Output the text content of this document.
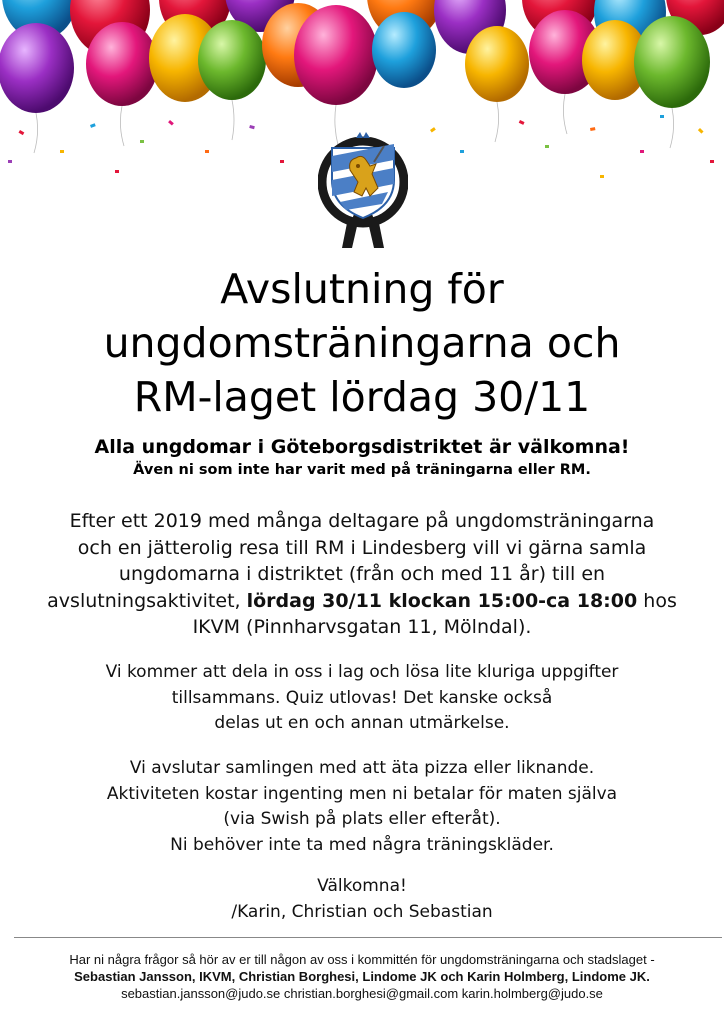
Avslutning för
ungdomsträningarna och
RM-laget lördag 30/11
Alla ungdomar i Göteborgsdistriktet är välkomna!
Även ni som inte har varit med på träningarna eller RM.
Efter ett 2019 med många deltagare på ungdomsträningarna
och en jätterolig resa till RM i Lindesberg vill vi gärna samla
ungdomarna i distriktet (från och med 11 år) till en
avslutningsaktivitet, lördag 30/11 klockan 15:00-ca 18:00 hos
IKVM (Pinnharvsgatan 11, Mölndal).
Vi kommer att dela in oss i lag och lösa lite kluriga uppgifter
tillsammans. Quiz utlovas! Det kanske också
delas ut en och annan utmärkelse.
Vi avslutar samlingen med att äta pizza eller liknande.
Aktiviteten kostar ingenting men ni betalar för maten själva
(via Swish på plats eller efteråt).
Ni behöver inte ta med några träningskläder.
Välkomna!
/Karin, Christian och Sebastian
Har ni några frågor så hör av er till någon av oss i kommittén för ungdomsträningarna och stadslaget -
Sebastian Jansson, IKVM, Christian Borghesi, Lindome JK och Karin Holmberg, Lindome JK.
sebastian.jansson@judo.se christian.borghesi@gmail.com karin.holmberg@judo.se
